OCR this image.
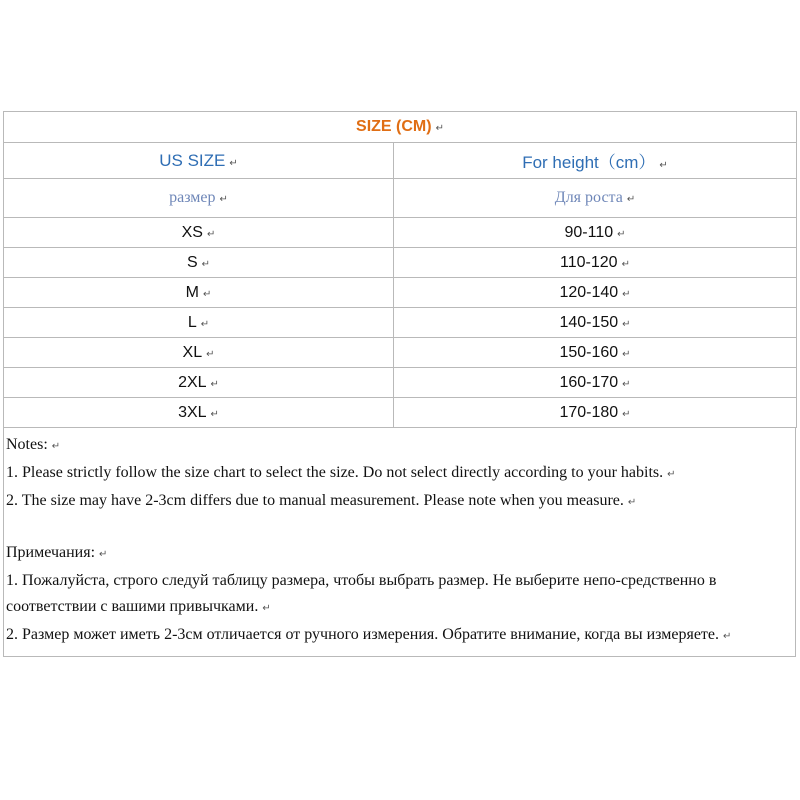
SIZE (CM) ↵	
US SIZE ↵	For height（cm） ↵
размер ↵	Для роста ↵
XS ↵	90-110 ↵
S ↵	110-120 ↵
M ↵	120-140 ↵
L ↵	140-150 ↵
XL ↵	150-160 ↵
2XL ↵	160-170 ↵
3XL ↵	170-180 ↵

Notes: ↵

1. Please strictly follow the size chart to select the size. Do not select directly according to your habits. ↵

2. The size may have 2-3cm differs due to manual measurement. Please note when you measure. ↵

Примечания: ↵

1. Пожалуйста, строго следуй таблицу размера, чтобы выбрать размер. Не выберите непо-средственно в соответствии с вашими привычками. ↵

2. Размер может иметь 2-3см отличается от ручного измерения. Обратите внимание, когда вы измеряете. ↵
